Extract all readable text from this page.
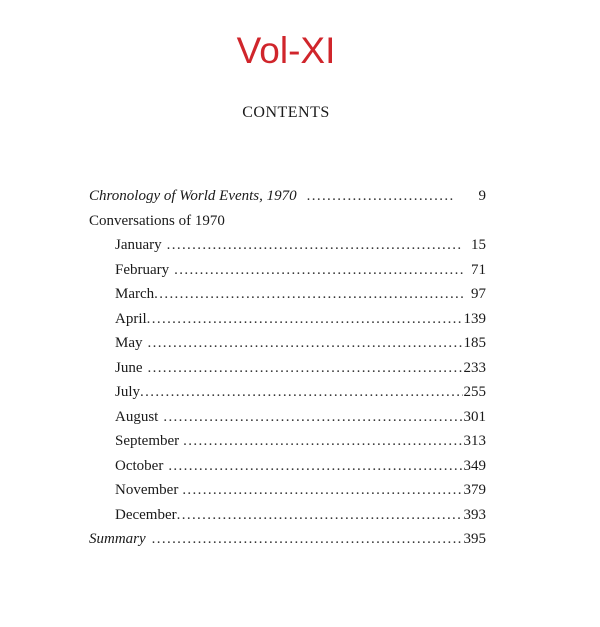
Vol-XI
CONTENTS
Chronology of World Events, 1970 . . .	9
Conversations of 1970
January . . .	15
February . . .	71
March . . .	97
April . . .	139
May . . .	185
June . . .	233
July . . .	255
August . . .	301
September . . .	313
October . . .	349
November . . .	379
December . . .	393
Summary . . .	395
